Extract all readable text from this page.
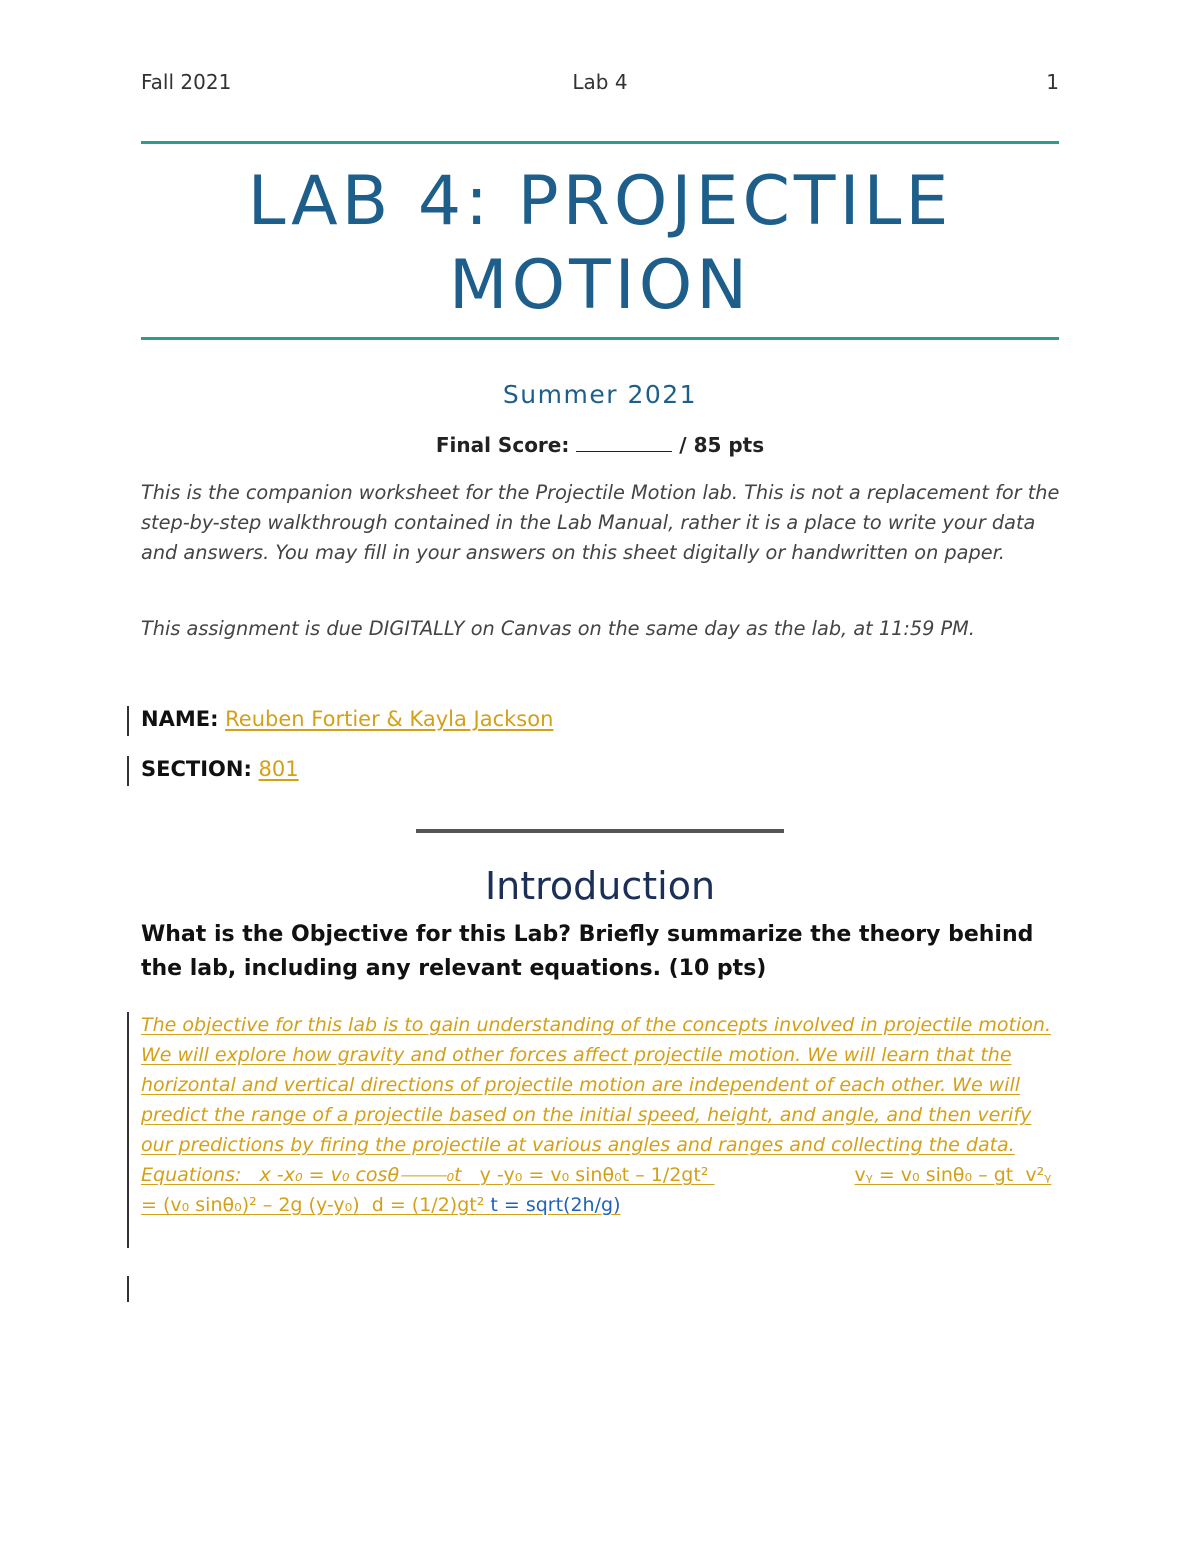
Fall 2021	Lab 4	1
LAB 4: PROJECTILE
MOTION
Summer 2021
Final Score:	/ 85 pts
This is the companion worksheet for the Projectile Motion lab. This is not a replacement for the step-by-step walkthrough contained in the Lab Manual, rather it is a place to write your data and answers. You may fill in your answers on this sheet digitally or handwritten on paper.
This assignment is due DIGITALLY on Canvas on the same day as the lab, at 11:59 PM.
NAME: Reuben Fortier & Kayla Jackson
SECTION: 801
Introduction
What is the Objective for this Lab? Briefly summarize the theory behind the lab, including any relevant equations. (10 pts)
The objective for this lab is to gain understanding of the concepts involved in projectile motion. We will explore how gravity and other forces affect projectile motion. We will learn that the horizontal and vertical directions of projectile motion are independent of each other. We will predict the range of a projectile based on the initial speed, height, and angle, and then verify our predictions by firing the projectile at various angles and ranges and collecting the data. Equations: x -x₀ = v₀ cosθ⸻₀t y -y₀ = v₀ sinθ₀t – 1/2gt²	vᵧ = v₀ sinθ₀ – gt v²ᵧ = (v₀ sinθ₀)² – 2g (y-y₀) d = (1/2)gt² t = sqrt(2h/g)
